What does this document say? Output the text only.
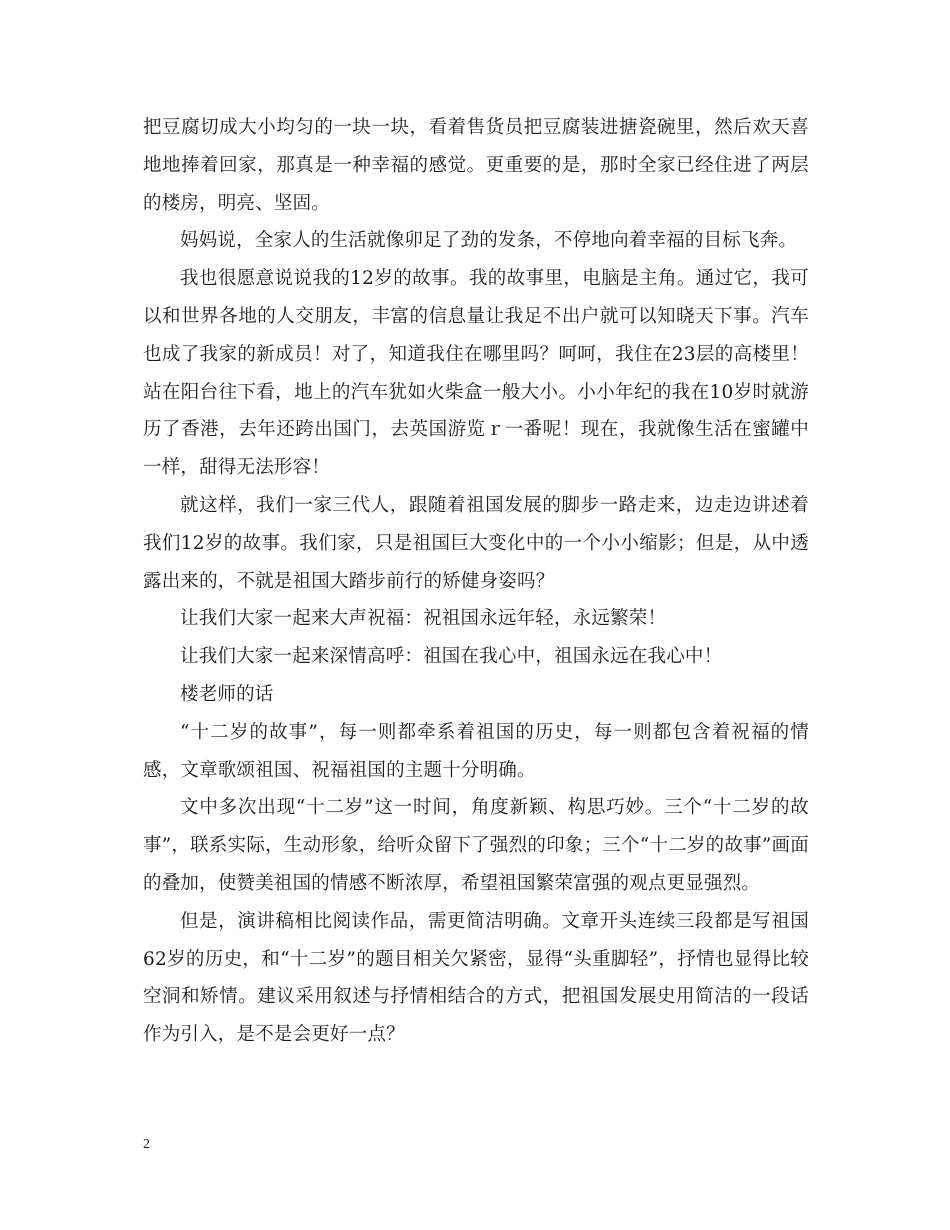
把豆腐切成大小均匀的一块一块，看着售货员把豆腐装进搪瓷碗里，然后欢天喜地地捧着回家，那真是一种幸福的感觉。更重要的是，那时全家已经住进了两层的楼房，明亮、坚固。

妈妈说，全家人的生活就像卯足了劲的发条，不停地向着幸福的目标飞奔。

我也很愿意说说我的12岁的故事。我的故事里，电脑是主角。通过它，我可以和世界各地的人交朋友，丰富的信息量让我足不出户就可以知晓天下事。汽车也成了我家的新成员！对了，知道我住在哪里吗？呵呵，我住在23层的高楼里！站在阳台往下看，地上的汽车犹如火柴盒一般大小。小小年纪的我在10岁时就游历了香港，去年还跨出国门，去英国游览ｒ一番呢！现在，我就像生活在蜜罐中一样，甜得无法形容！

就这样，我们一家三代人，跟随着祖国发展的脚步一路走来，边走边讲述着我们12岁的故事。我们家，只是祖国巨大变化中的一个小小缩影；但是，从中透露出来的，不就是祖国大踏步前行的矫健身姿吗？

让我们大家一起来大声祝福：祝祖国永远年轻，永远繁荣！

让我们大家一起来深情高呼：祖国在我心中，祖国永远在我心中！

楼老师的话

“十二岁的故事”，每一则都牵系着祖国的历史，每一则都包含着祝福的情感，文章歌颂祖国、祝福祖国的主题十分明确。

文中多次出现“十二岁”这一时间，角度新颖、构思巧妙。三个“十二岁的故事”，联系实际，生动形象，给听众留下了强烈的印象；三个“十二岁的故事”画面的叠加，使赞美祖国的情感不断浓厚，希望祖国繁荣富强的观点更显强烈。

但是，演讲稿相比阅读作品，需更简洁明确。文章开头连续三段都是写祖国62岁的历史，和“十二岁”的题目相关欠紧密，显得“头重脚轻”，抒情也显得比较空洞和矫情。建议采用叙述与抒情相结合的方式，把祖国发展史用简洁的一段话作为引入，是不是会更好一点？

2
